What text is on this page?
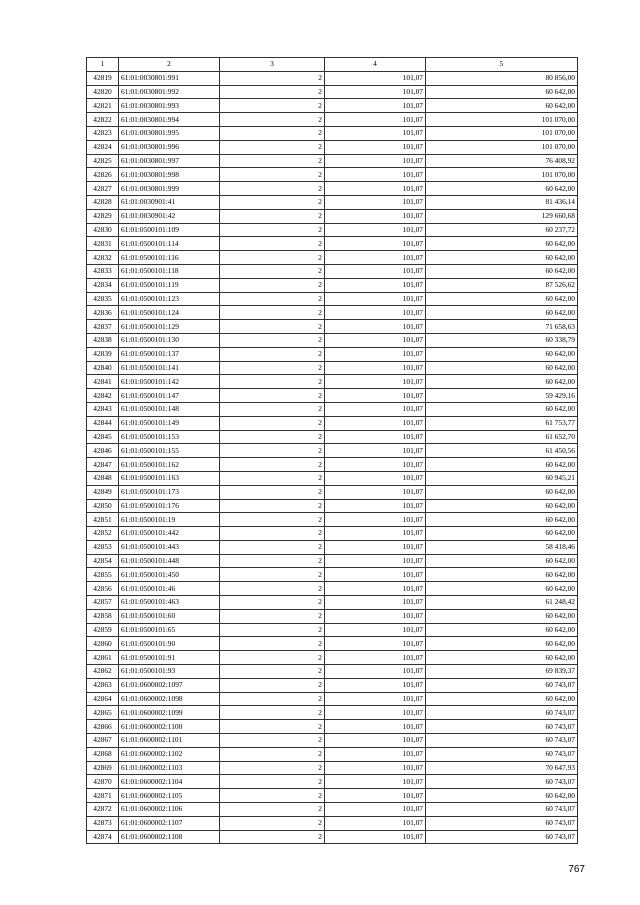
1	2	3	4	5
42819	61:01:0030801:991	2	101,07	80 856,00
42820	61:01:0030801:992	2	101,07	60 642,00
42821	61:01:0030801:993	2	101,07	60 642,00
42822	61:01:0030801:994	2	101,07	101 070,00
42823	61:01:0030801:995	2	101,07	101 070,00
42824	61:01:0030801:996	2	101,07	101 070,00
42825	61:01:0030801:997	2	101,07	76 408,92
42826	61:01:0030801:998	2	101,07	101 070,00
42827	61:01:0030801:999	2	101,07	60 642,00
42828	61:01:0030901:41	2	101,07	81 436,14
42829	61:01:0030901:42	2	101,07	129 660,68
42830	61:01:0500101:109	2	101,07	60 237,72
42831	61:01:0500101:114	2	101,07	60 642,00
42832	61:01:0500101:116	2	101,07	60 642,00
42833	61:01:0500101:118	2	101,07	60 642,00
42834	61:01:0500101:119	2	101,07	87 526,62
42835	61:01:0500101:123	2	101,07	60 642,00
42836	61:01:0500101:124	2	101,07	60 642,00
42837	61:01:0500101:129	2	101,07	71 658,63
42838	61:01:0500101:130	2	101,07	60 338,79
42839	61:01:0500101:137	2	101,07	60 642,00
42840	61:01:0500101:141	2	101,07	60 642,00
42841	61:01:0500101:142	2	101,07	60 642,00
42842	61:01:0500101:147	2	101,07	59 429,16
42843	61:01:0500101:148	2	101,07	60 642,00
42844	61:01:0500101:149	2	101,07	61 753,77
42845	61:01:0500101:153	2	101,07	61 652,70
42846	61:01:0500101:155	2	101,07	61 450,56
42847	61:01:0500101:162	2	101,07	60 642,00
42848	61:01:0500101:163	2	101,07	60 945,21
42849	61:01:0500101:173	2	101,07	60 642,00
42850	61:01:0500101:176	2	101,07	60 642,00
42851	61:01:0500101:19	2	101,07	60 642,00
42852	61:01:0500101:442	2	101,07	60 642,00
42853	61:01:0500101:443	2	101,07	58 418,46
42854	61:01:0500101:448	2	101,07	60 642,00
42855	61:01:0500101:450	2	101,07	60 642,00
42856	61:01:0500101:46	2	101,07	60 642,00
42857	61:01:0500101:463	2	101,07	61 248,42
42858	61:01:0500101:60	2	101,07	60 642,00
42859	61:01:0500101:65	2	101,07	60 642,00
42860	61:01:0500101:90	2	101,07	60 642,00
42861	61:01:0500101:91	2	101,07	60 642,00
42862	61:01:0500101:93	2	101,07	69 839,37
42863	61:01:0600002:1097	2	101,07	60 743,07
42864	61:01:0600002:1098	2	101,07	60 642,00
42865	61:01:0600002:1099	2	101,07	60 743,07
42866	61:01:0600002:1100	2	101,07	60 743,07
42867	61:01:0600002:1101	2	101,07	60 743,07
42868	61:01:0600002:1102	2	101,07	60 743,07
42869	61:01:0600002:1103	2	101,07	70 647,93
42870	61:01:0600002:1104	2	101,07	60 743,07
42871	61:01:0600002:1105	2	101,07	60 642,00
42872	61:01:0600002:1106	2	101,07	60 743,07
42873	61:01:0600002:1107	2	101,07	60 743,07
42874	61:01:0600002:1108	2	101,07	60 743,07
767
